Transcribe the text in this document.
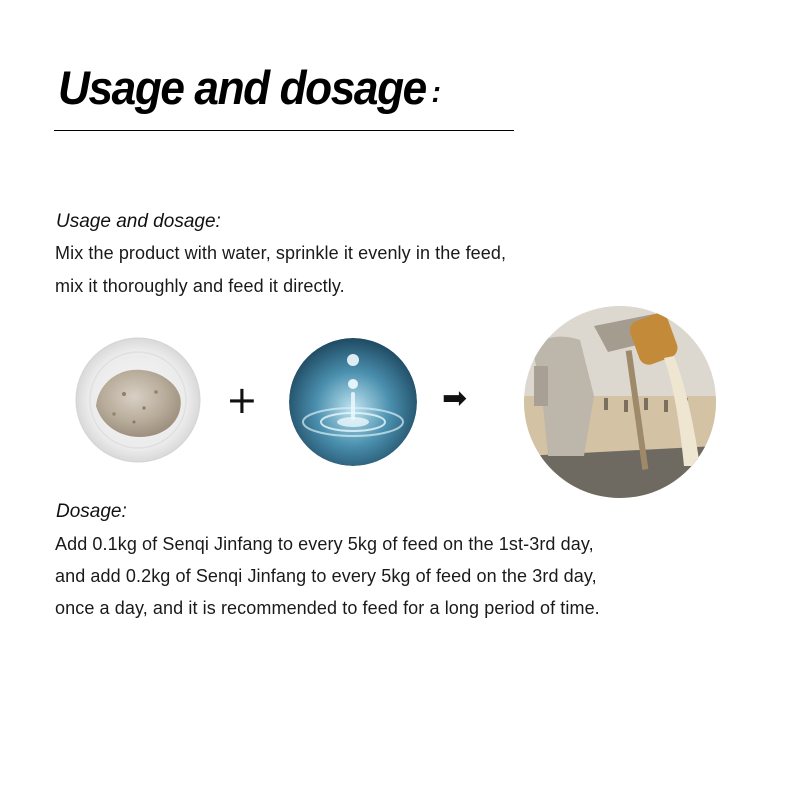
Usage and dosage :
Usage and dosage:
Mix the product with water, sprinkle it evenly in the feed,
mix it thoroughly and feed it directly.
+	➡
Dosage:
Add 0.1kg of Senqi Jinfang to every 5kg of feed on the 1st-3rd day,
and add 0.2kg of Senqi Jinfang to every 5kg of feed on the 3rd day,
once a day, and it is recommended to feed for a long period of time.
